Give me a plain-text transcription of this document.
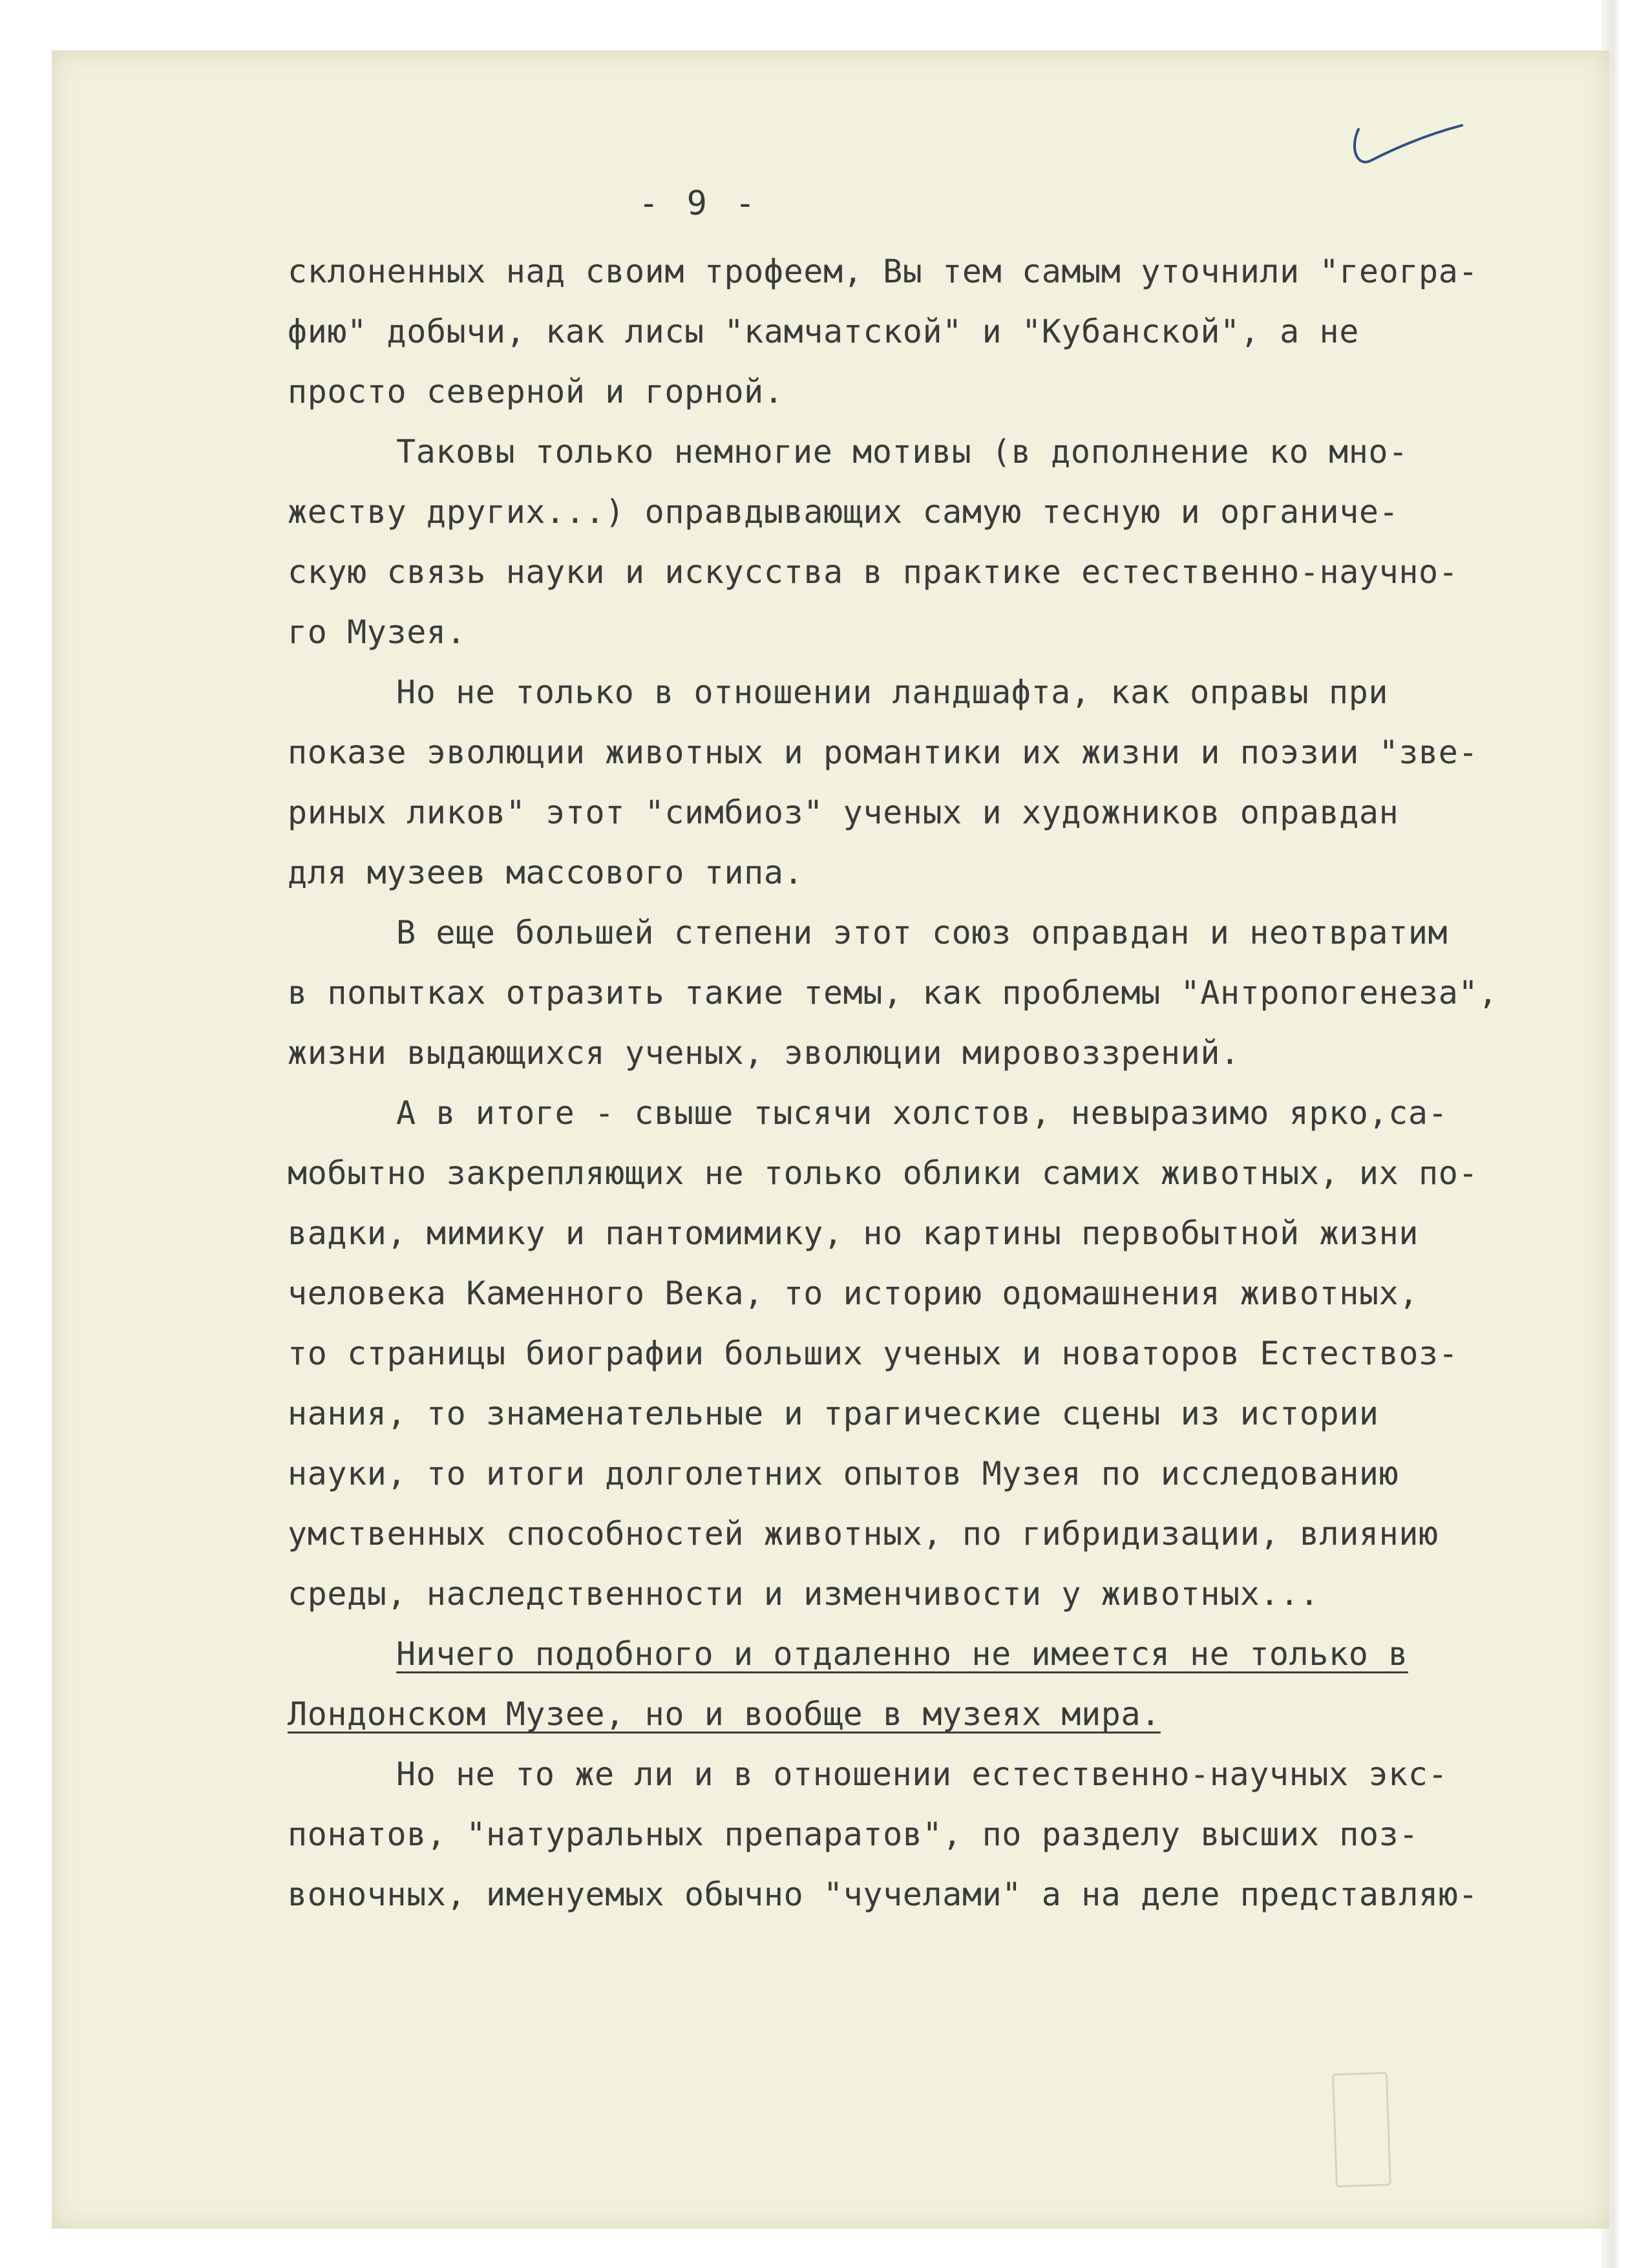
- 9 -
склоненных над своим трофеем, Вы тем самым уточнили "геогра-
фию" добычи, как лисы "камчатской" и "Кубанской", а не
просто северной и горной.
Таковы только немногие мотивы (в дополнение ко мно-
жеству других...) оправдывающих самую тесную и органиче-
скую связь науки и искусства в практике естественно-научно-
го Музея.
Но не только в отношении ландшафта, как оправы при
показе эволюции животных и романтики их жизни и поэзии "зве-
риных ликов" этот "симбиоз" ученых и художников оправдан
для музеев массового типа.
В еще большей степени этот союз оправдан и неотвратим
в попытках отразить такие темы, как проблемы "Антропогенеза",
жизни выдающихся ученых, эволюции мировоззрений.
А в итоге - свыше тысячи холстов, невыразимо ярко,са-
мобытно закрепляющих не только облики самих животных, их по-
вадки, мимику и пантомимику, но картины первобытной жизни
человека Каменного Века, то историю одомашнения животных,
то страницы биографии больших ученых и новаторов Естествоз-
нания, то знаменательные и трагические сцены из истории
науки, то итоги долголетних опытов Музея по исследованию
умственных способностей животных, по гибридизации, влиянию
среды, наследственности и изменчивости у животных...
Ничего подобного и отдаленно не имеется не только в
Лондонском Музее, но и вообще в музеях мира.
Но не то же ли и в отношении естественно-научных экс-
понатов, "натуральных препаратов", по разделу высших поз-
воночных, именуемых обычно "чучелами" а на деле представляю-
